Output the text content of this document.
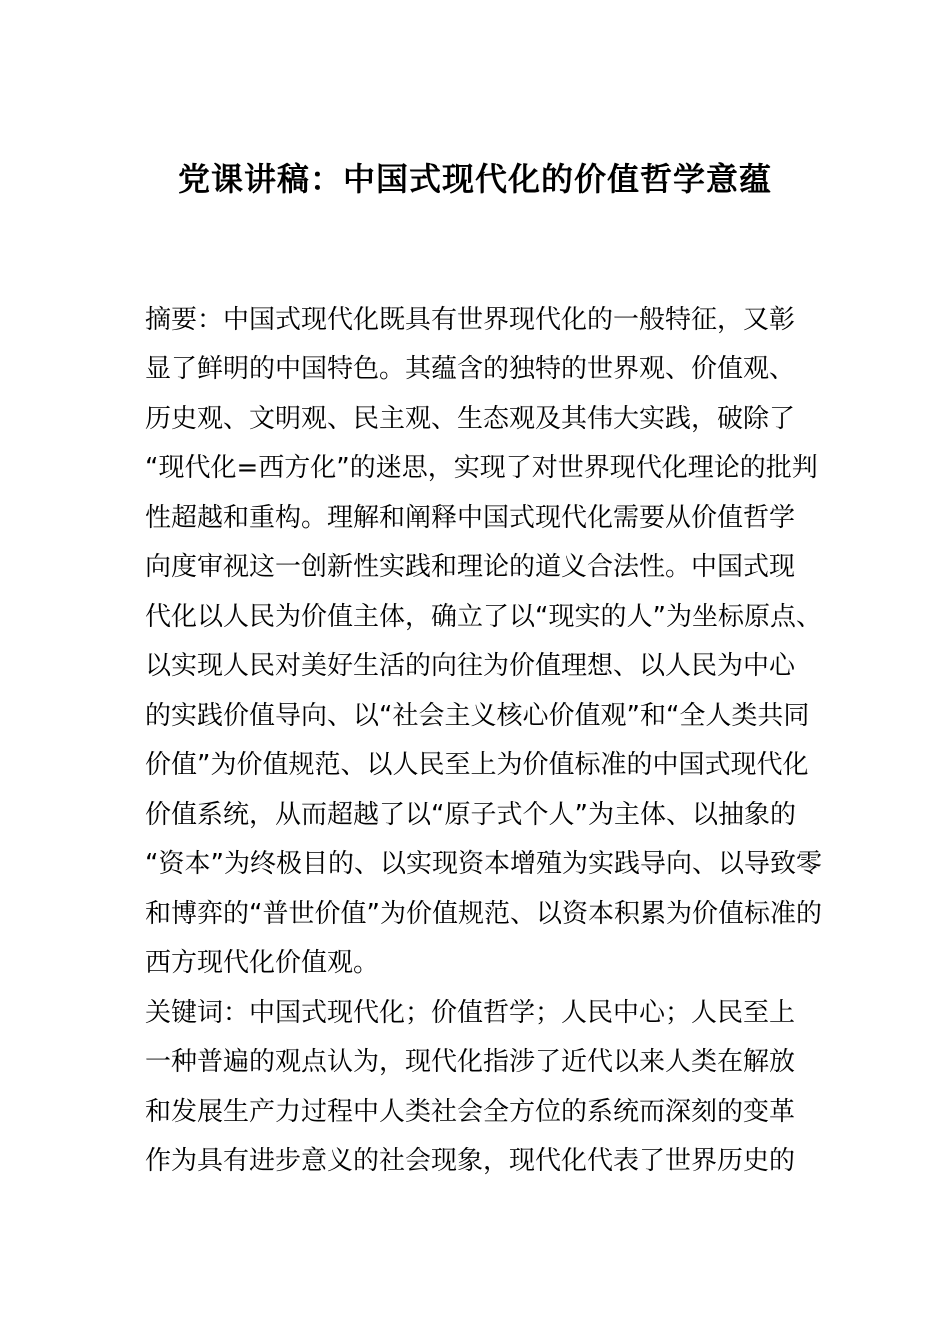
党课讲稿：中国式现代化的价值哲学意蕴
摘要：中国式现代化既具有世界现代化的一般特征，又彰
显了鲜明的中国特色。其蕴含的独特的世界观、价值观、
历史观、文明观、民主观、生态观及其伟大实践，破除了
“现代化=西方化”的迷思，实现了对世界现代化理论的批判
性超越和重构。理解和阐释中国式现代化需要从价值哲学
向度审视这一创新性实践和理论的道义合法性。中国式现
代化以人民为价值主体，确立了以“现实的人”为坐标原点、
以实现人民对美好生活的向往为价值理想、以人民为中心
的实践价值导向、以“社会主义核心价值观”和“全人类共同
价值”为价值规范、以人民至上为价值标准的中国式现代化
价值系统，从而超越了以“原子式个人”为主体、以抽象的
“资本”为终极目的、以实现资本增殖为实践导向、以导致零
和博弈的“普世价值”为价值规范、以资本积累为价值标准的
西方现代化价值观。
关键词：中国式现代化；价值哲学；人民中心；人民至上
一种普遍的观点认为，现代化指涉了近代以来人类在解放
和发展生产力过程中人类社会全方位的系统而深刻的变革
作为具有进步意义的社会现象，现代化代表了世界历史的
